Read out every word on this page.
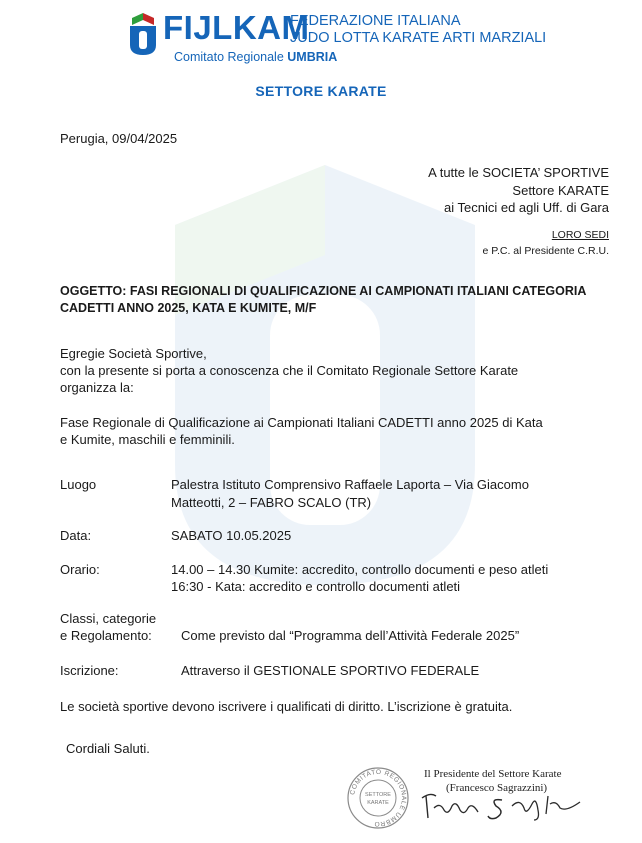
FIJLKAM
FEDERAZIONE ITALIANA
JUDO LOTTA KARATE ARTI MARZIALI
Comitato Regionale UMBRIA
SETTORE KARATE
Perugia, 09/04/2025
A tutte le SOCIETA’ SPORTIVE
Settore KARATE
ai Tecnici ed agli Uff. di Gara
LORO SEDI
e P.C. al Presidente C.R.U.
OGGETTO: FASI REGIONALI DI QUALIFICAZIONE AI CAMPIONATI ITALIANI CATEGORIA
CADETTI ANNO 2025, KATA E KUMITE, M/F
Egregie Società Sportive,
con la presente si porta a conoscenza che il Comitato Regionale Settore Karate
organizza la:
Fase Regionale di Qualificazione ai Campionati Italiani CADETTI anno 2025 di Kata
e Kumite, maschili e femminili.
Luogo	Palestra Istituto Comprensivo Raffaele Laporta – Via Giacomo
Matteotti, 2 – FABRO SCALO (TR)
Data:	SABATO 10.05.2025
Orario:	14.00 – 14.30 Kumite: accredito, controllo documenti e peso atleti
16:30 - Kata: accredito e controllo documenti atleti
Classi, categorie
e Regolamento: Come previsto dal “Programma dell’Attività Federale 2025”
Iscrizione:	Attraverso il GESTIONALE SPORTIVO FEDERALE
Le società sportive devono iscrivere i qualificati di diritto. L’iscrizione è gratuita.
Cordiali Saluti.
COMITATO REGIONALE UMBRO
SETTORE
KARATE
Il Presidente del Settore Karate
(Francesco Sagrazzini)
